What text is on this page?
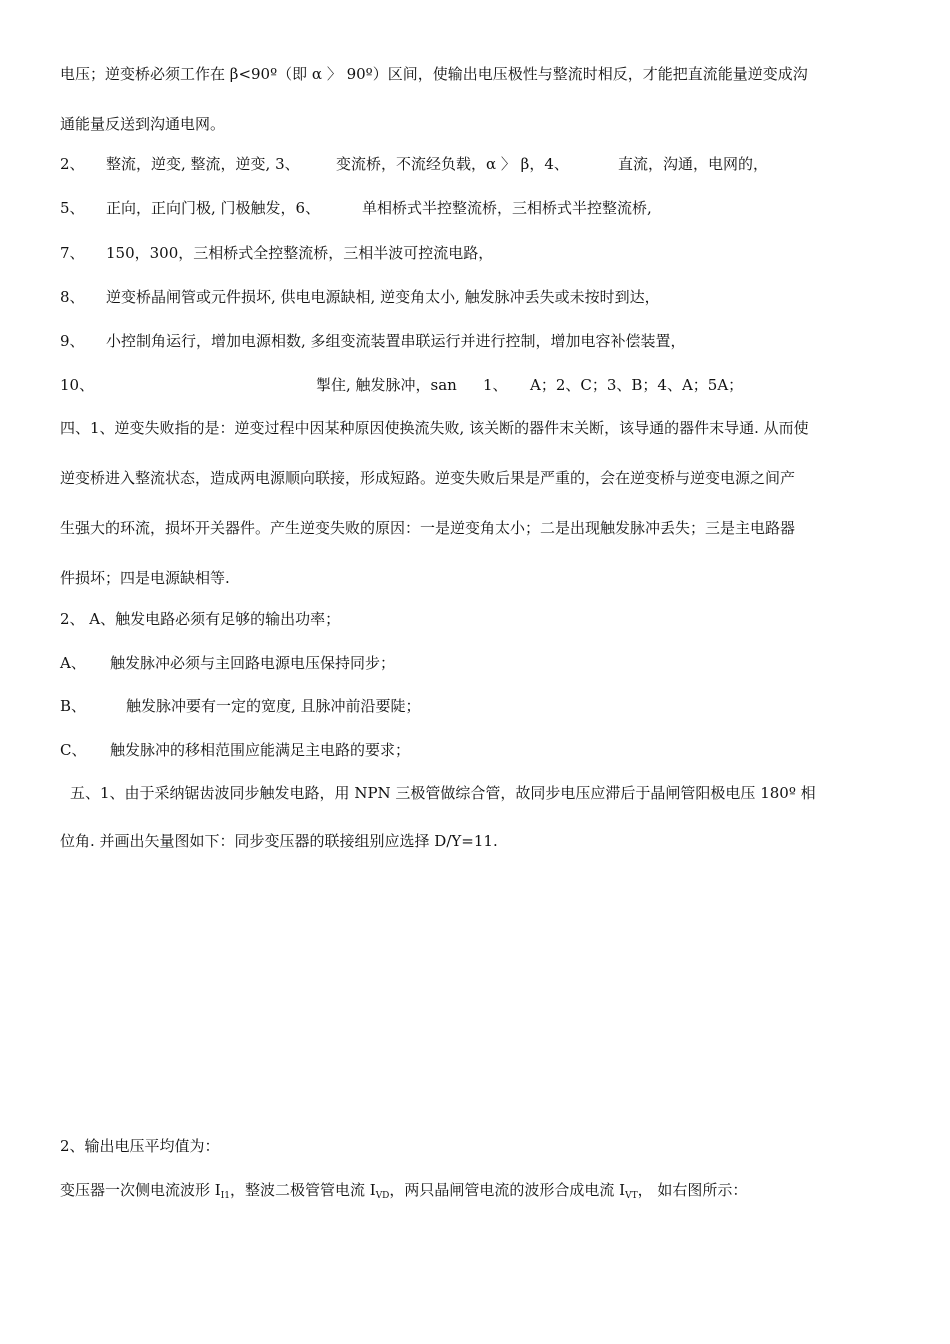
电压；逆变桥必须工作在 β<90º（即 α 〉 90º）区间，使输出电压极性与整流时相反，才能把直流能量逆变成沟
通能量反送到沟通电网。
2、 整流，逆变, 整流，逆变, 3、 变流桥，不流经负载，α 〉 β，4、	直流，沟通，电网的，
5、 正向，正向门极, 门极触发，6、	单相桥式半控整流桥，三相桥式半控整流桥,
7、 150，300，三相桥式全控整流桥，三相半波可控流电路，
8、 逆变桥晶闸管或元件损坏, 供电电源缺相, 逆变角太小, 触发脉冲丢失或未按时到达，
9、 小控制角运行，增加电源相数, 多组变流装置串联运行并进行控制，增加电容补偿装置，
10、	掣住, 触发脉冲，san 1、 A；2、C；3、B；4、A；5A；
四、1、逆变失败指的是：逆变过程中因某种原因使换流失败, 该关断的器件末关断，该导通的器件末导通. 从而使
逆变桥进入整流状态，造成两电源顺向联接，形成短路。逆变失败后果是严重的，会在逆变桥与逆变电源之间产
生强大的环流，损坏开关器件。产生逆变失败的原因：一是逆变角太小；二是出现触发脉冲丢失；三是主电路器
件损坏；四是电源缺相等.
2、 A、触发电路必须有足够的输出功率；
A、 触发脉冲必须与主回路电源电压保持同步；
B、	触发脉冲要有一定的宽度, 且脉冲前沿要陡；
C、 触发脉冲的移相范围应能满足主电路的要求；
五、1、由于采纳锯齿波同步触发电路，用 NPN 三极管做综合管，故同步电压应滞后于晶闸管阳极电压 180º 相
位角. 并画出矢量图如下：同步变压器的联接组别应选择 D/Y=11.
2、输出电压平均值为：
变压器一次侧电流波形 $I_{I1}$，整波二极管管电流 $I_{VD}$，两只晶闸管电流的波形合成电流 $I_{VT}$， 如右图所示：
